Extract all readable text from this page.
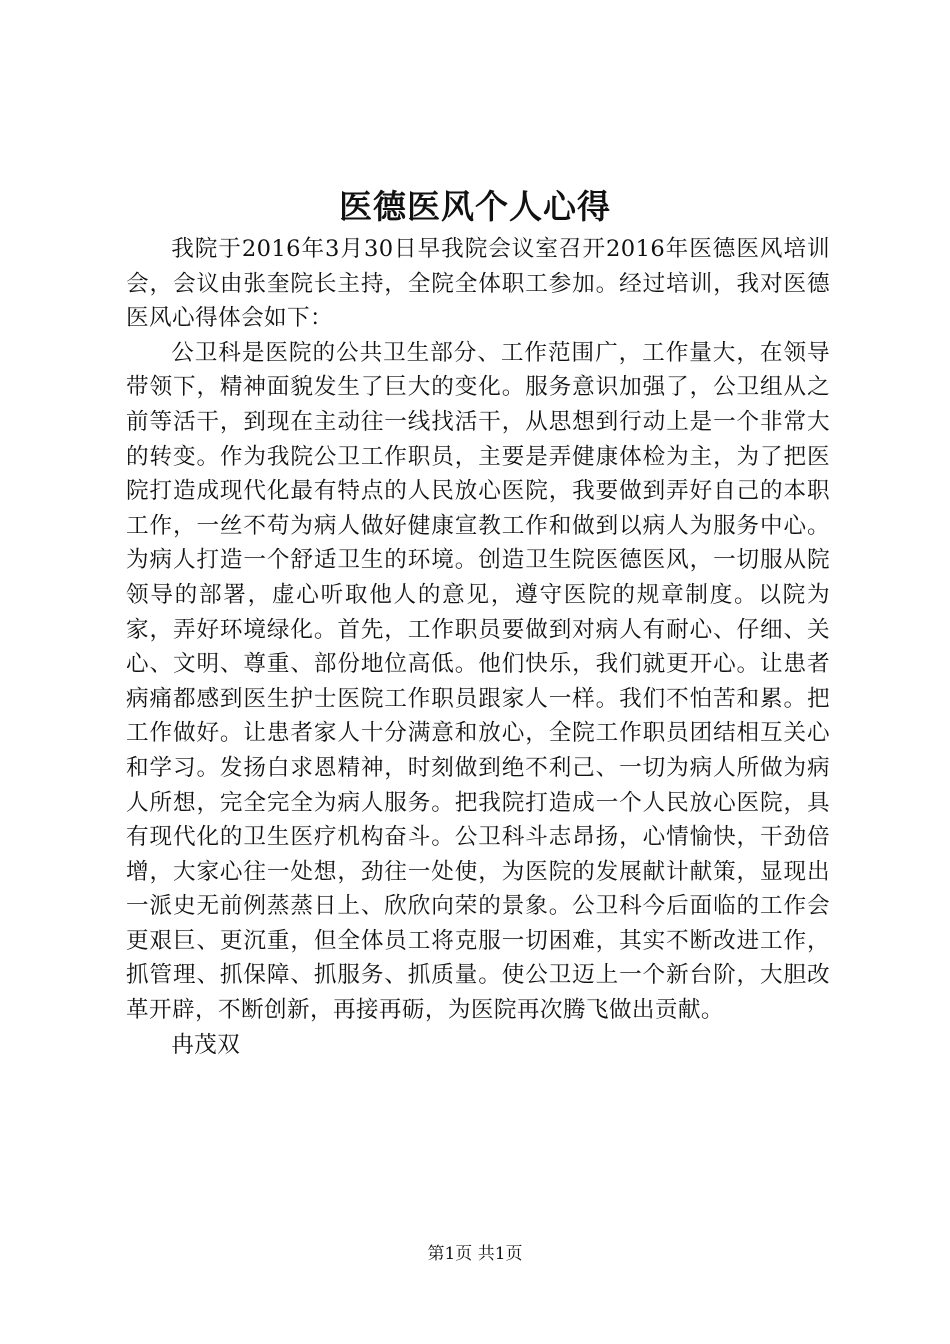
医德医风个人心得

我院于2016年3月30日早我院会议室召开2016年医德医风培训会，会议由张奎院长主持，全院全体职工参加。经过培训，我对医德医风心得体会如下：

公卫科是医院的公共卫生部分、工作范围广，工作量大，在领导带领下，精神面貌发生了巨大的变化。服务意识加强了，公卫组从之前等活干，到现在主动往一线找活干，从思想到行动上是一个非常大的转变。作为我院公卫工作职员，主要是弄健康体检为主，为了把医院打造成现代化最有特点的人民放心医院，我要做到弄好自己的本职工作，一丝不苟为病人做好健康宣教工作和做到以病人为服务中心。为病人打造一个舒适卫生的环境。创造卫生院医德医风，一切服从院领导的部署，虚心听取他人的意见，遵守医院的规章制度。以院为家，弄好环境绿化。首先，工作职员要做到对病人有耐心、仔细、关心、文明、尊重、部份地位高低。他们快乐，我们就更开心。让患者病痛都感到医生护士医院工作职员跟家人一样。我们不怕苦和累。把工作做好。让患者家人十分满意和放心，全院工作职员团结相互关心和学习。发扬白求恩精神，时刻做到绝不利己、一切为病人所做为病人所想，完全完全为病人服务。把我院打造成一个人民放心医院，具有现代化的卫生医疗机构奋斗。公卫科斗志昂扬，心情愉快，干劲倍增，大家心往一处想，劲往一处使，为医院的发展献计献策，显现出一派史无前例蒸蒸日上、欣欣向荣的景象。公卫科今后面临的工作会更艰巨、更沉重，但全体员工将克服一切困难，其实不断改进工作，抓管理、抓保障、抓服务、抓质量。使公卫迈上一个新台阶，大胆改革开辟，不断创新，再接再砺，为医院再次腾飞做出贡献。

冉茂双

第1页 共1页
